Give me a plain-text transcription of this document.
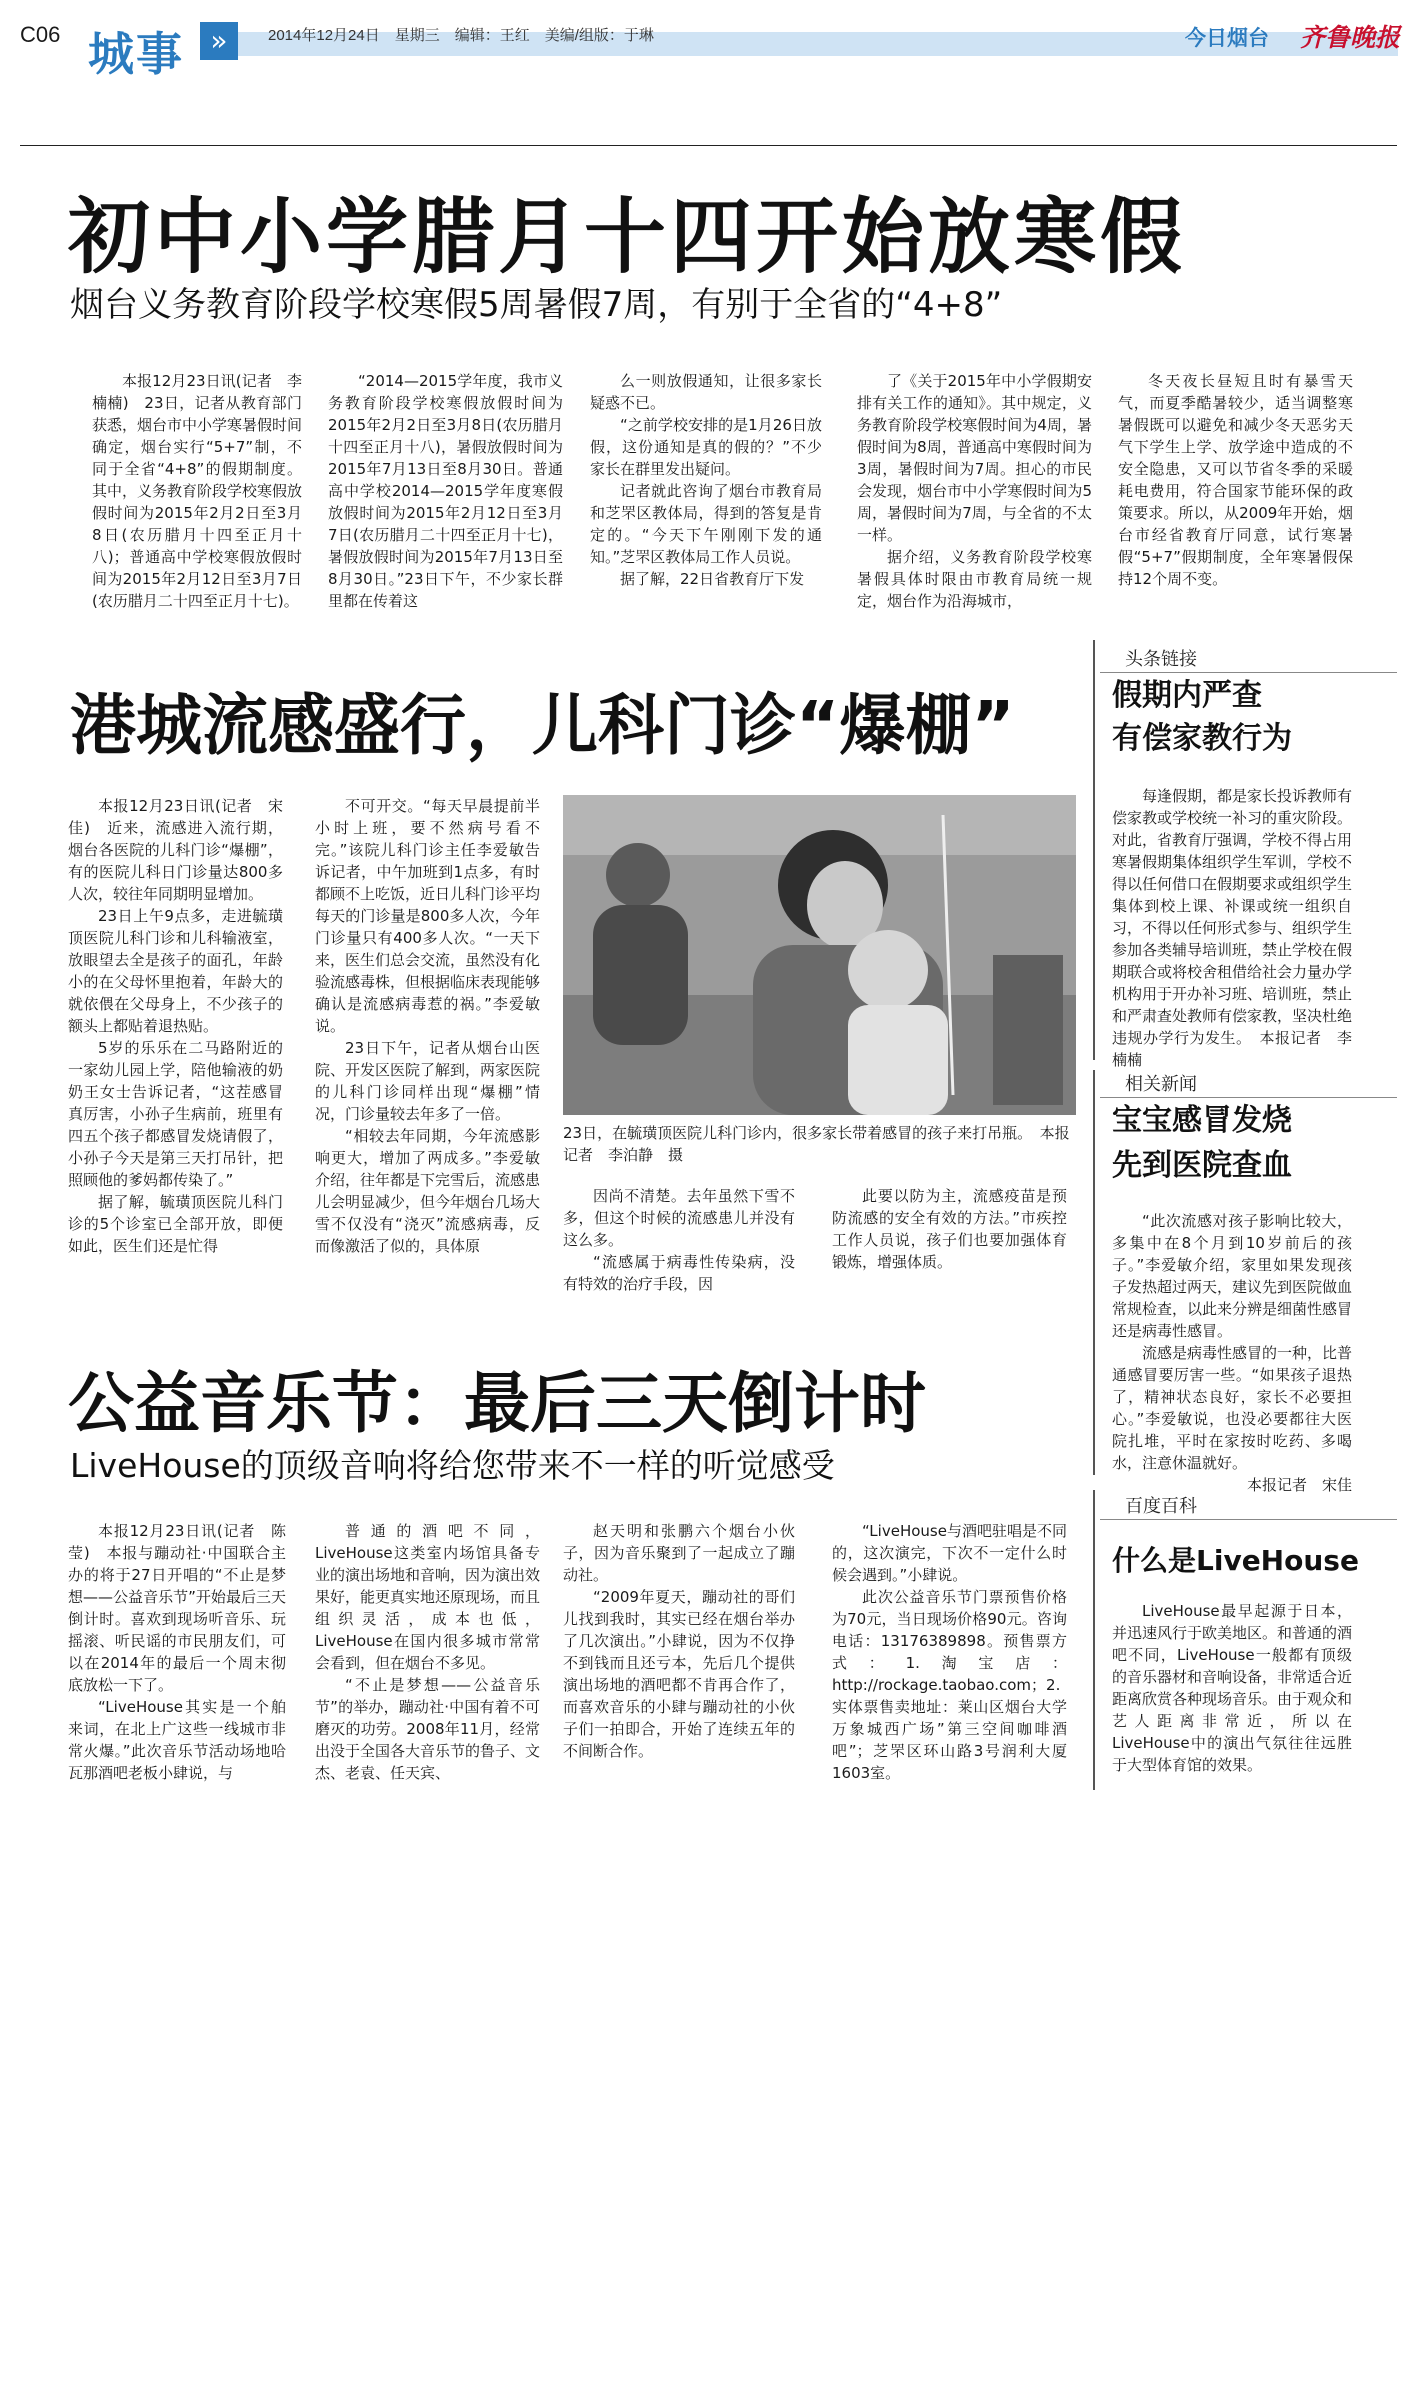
C06 城事 »	2014年12月24日　星期三　编辑：王红　美编/组版：于琳	今日烟台 齐鲁晚报
初中小学腊月十四开始放寒假
烟台义务教育阶段学校寒假5周暑假7周，有别于全省的“4+8”

本报12月23日讯(记者　李楠楠)　23日，记者从教育部门获悉，烟台市中小学寒暑假时间确定，烟台实行“5+7”制，不同于全省“4+8”的假期制度。其中，义务教育阶段学校寒假放假时间为2015年2月2日至3月8日(农历腊月十四至正月十八)；普通高中学校寒假放假时间为2015年2月12日至3月7日(农历腊月二十四至正月十七)。

“2014—2015学年度，我市义务教育阶段学校寒假放假时间为2015年2月2日至3月8日(农历腊月十四至正月十八)，暑假放假时间为2015年7月13日至8月30日。普通高中学校2014—2015学年度寒假放假时间为2015年2月12日至3月7日(农历腊月二十四至正月十七)，暑假放假时间为2015年7月13日至8月30日。”23日下午，不少家长群里都在传着这

么一则放假通知，让很多家长疑惑不已。

“之前学校安排的是1月26日放假，这份通知是真的假的？”不少家长在群里发出疑问。

记者就此咨询了烟台市教育局和芝罘区教体局，得到的答复是肯定的。“今天下午刚刚下发的通知。”芝罘区教体局工作人员说。

据了解，22日省教育厅下发

了《关于2015年中小学假期安排有关工作的通知》。其中规定，义务教育阶段学校寒假时间为4周，暑假时间为8周，普通高中寒假时间为3周，暑假时间为7周。担心的市民会发现，烟台市中小学寒假时间为5周，暑假时间为7周，与全省的不太一样。

据介绍，义务教育阶段学校寒暑假具体时限由市教育局统一规定，烟台作为沿海城市，

冬天夜长昼短且时有暴雪天气，而夏季酷暑较少，适当调整寒暑假既可以避免和减少冬天恶劣天气下学生上学、放学途中造成的不安全隐患，又可以节省冬季的采暖耗电费用，符合国家节能环保的政策要求。所以，从2009年开始，烟台市经省教育厅同意，试行寒暑假“5+7”假期制度，全年寒暑假保持12个周不变。

港城流感盛行，儿科门诊“爆棚”

本报12月23日讯(记者　宋佳)　近来，流感进入流行期，烟台各医院的儿科门诊“爆棚”，有的医院儿科日门诊量达800多人次，较往年同期明显增加。

23日上午9点多，走进毓璜顶医院儿科门诊和儿科输液室，放眼望去全是孩子的面孔，年龄小的在父母怀里抱着，年龄大的就依偎在父母身上，不少孩子的额头上都贴着退热贴。

5岁的乐乐在二马路附近的一家幼儿园上学，陪他输液的奶奶王女士告诉记者，“这茬感冒真厉害，小孙子生病前，班里有四五个孩子都感冒发烧请假了，小孙子今天是第三天打吊针，把照顾他的爹妈都传染了。”

据了解，毓璜顶医院儿科门诊的5个诊室已全部开放，即便如此，医生们还是忙得

不可开交。“每天早晨提前半小时上班，要不然病号看不完。”该院儿科门诊主任李爱敏告诉记者，中午加班到1点多，有时都顾不上吃饭，近日儿科门诊平均每天的门诊量是800多人次，今年门诊量只有400多人次。“一天下来，医生们总会交流，虽然没有化验流感毒株，但根据临床表现能够确认是流感病毒惹的祸。”李爱敏说。

23日下午，记者从烟台山医院、开发区医院了解到，两家医院的儿科门诊同样出现“爆棚”情况，门诊量较去年多了一倍。

“相较去年同期，今年流感影响更大，增加了两成多。”李爱敏介绍，往年都是下完雪后，流感患儿会明显减少，但今年烟台几场大雪不仅没有“浇灭”流感病毒，反而像激活了似的，具体原

23日，在毓璜顶医院儿科门诊内，很多家长带着感冒的孩子来打吊瓶。　本报记者　李泊静　摄

因尚不清楚。去年虽然下雪不多，但这个时候的流感患儿并没有这么多。

“流感属于病毒性传染病，没有特效的治疗手段，因

此要以防为主，流感疫苗是预防流感的安全有效的方法。”市疾控工作人员说，孩子们也要加强体育锻炼，增强体质。

头条链接
假期内严查
有偿家教行为

每逢假期，都是家长投诉教师有偿家教或学校统一补习的重灾阶段。对此，省教育厅强调，学校不得占用寒暑假期集体组织学生军训，学校不得以任何借口在假期要求或组织学生集体到校上课、补课或统一组织自习，不得以任何形式参与、组织学生参加各类辅导培训班，禁止学校在假期联合或将校舍租借给社会力量办学机构用于开办补习班、培训班，禁止和严肃查处教师有偿家教，坚决杜绝违规办学行为发生。　本报记者　李楠楠

相关新闻
宝宝感冒发烧
先到医院查血

“此次流感对孩子影响比较大，多集中在8个月到10岁前后的孩子。”李爱敏介绍，家里如果发现孩子发热超过两天，建议先到医院做血常规检查，以此来分辨是细菌性感冒还是病毒性感冒。

流感是病毒性感冒的一种，比普通感冒要厉害一些。“如果孩子退热了，精神状态良好，家长不必要担心。”李爱敏说，也没必要都往大医院扎堆，平时在家按时吃药、多喝水，注意休温就好。

本报记者　宋佳

公益音乐节：最后三天倒计时
LiveHouse的顶级音响将给您带来不一样的听觉感受

本报12月23日讯(记者　陈莹)　本报与蹦动社·中国联合主办的将于27日开唱的“不止是梦想——公益音乐节”开始最后三天倒计时。喜欢到现场听音乐、玩摇滚、听民谣的市民朋友们，可以在2014年的最后一个周末彻底放松一下了。

“LiveHouse其实是一个舶来词，在北上广这些一线城市非常火爆。”此次音乐节活动场地哈瓦那酒吧老板小肆说，与

普通的酒吧不同，LiveHouse这类室内场馆具备专业的演出场地和音响，因为演出效果好，能更真实地还原现场，而且组织灵活，成本也低，LiveHouse在国内很多城市常常会看到，但在烟台不多见。

“不止是梦想——公益音乐节”的举办，蹦动社·中国有着不可磨灭的功劳。2008年11月，经常出没于全国各大音乐节的鲁子、文杰、老袁、任天宾、

赵天明和张鹏六个烟台小伙子，因为音乐聚到了一起成立了蹦动社。

“2009年夏天，蹦动社的哥们儿找到我时，其实已经在烟台举办了几次演出。”小肆说，因为不仅挣不到钱而且还亏本，先后几个提供演出场地的酒吧都不肯再合作了，而喜欢音乐的小肆与蹦动社的小伙子们一拍即合，开始了连续五年的不间断合作。

“LiveHouse与酒吧驻唱是不同的，这次演完，下次不一定什么时候会遇到。”小肆说。

此次公益音乐节门票预售价格为70元，当日现场价格90元。咨询电话：13176389898。预售票方式：1.淘宝店：http://rockage.taobao.com；2.实体票售卖地址：莱山区烟台大学万象城西广场”第三空间咖啡酒吧”；芝罘区环山路3号润利大厦1603室。

百度百科
什么是LiveHouse

LiveHouse最早起源于日本，并迅速风行于欧美地区。和普通的酒吧不同，LiveHouse一般都有顶级的音乐器材和音响设备，非常适合近距离欣赏各种现场音乐。由于观众和艺人距离非常近，所以在LiveHouse中的演出气氛往往远胜于大型体育馆的效果。
